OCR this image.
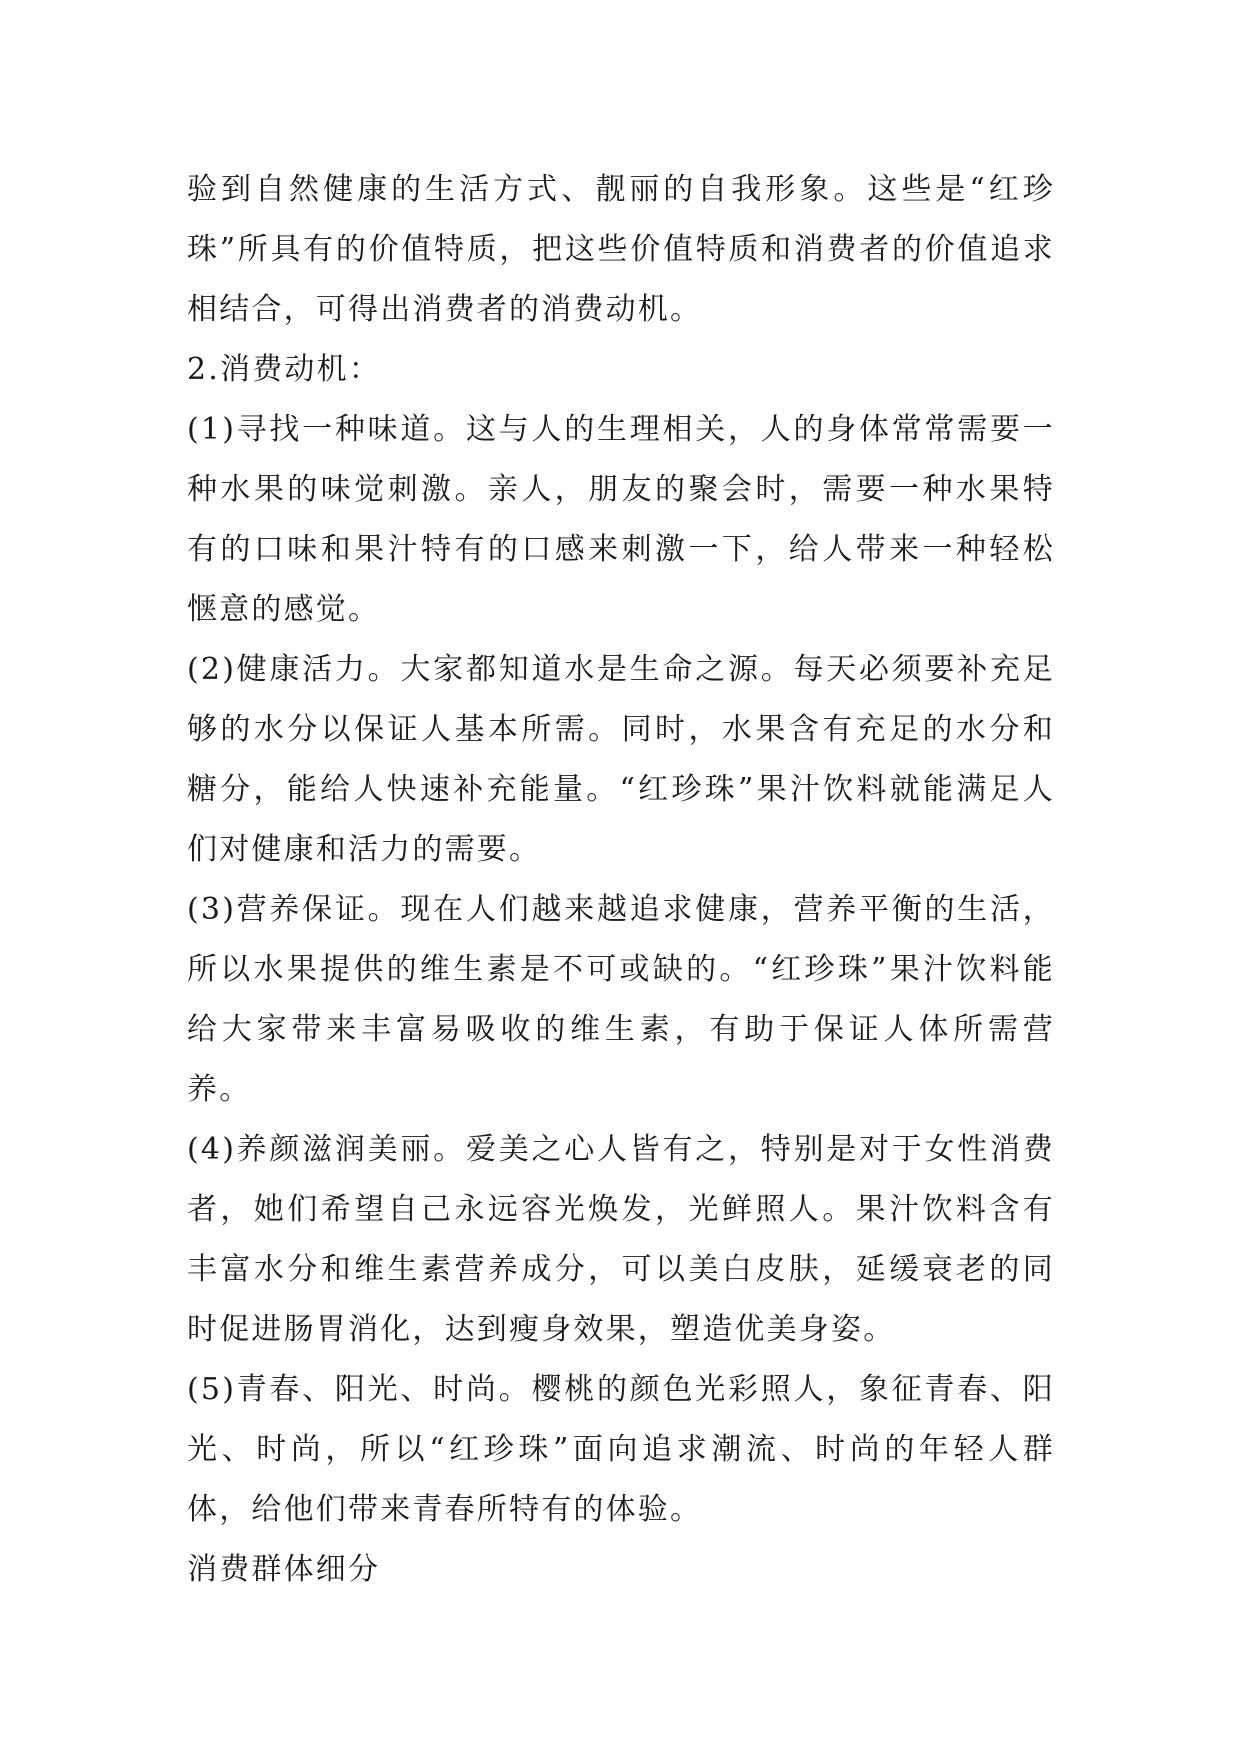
验到自然健康的生活方式、靓丽的自我形象。这些是“红珍珠”所具有的价值特质，把这些价值特质和消费者的价值追求相结合，可得出消费者的消费动机。

2.消费动机：

(1)寻找一种味道。这与人的生理相关，人的身体常常需要一种水果的味觉刺激。亲人，朋友的聚会时，需要一种水果特有的口味和果汁特有的口感来刺激一下，给人带来一种轻松惬意的感觉。

(2)健康活力。大家都知道水是生命之源。每天必须要补充足够的水分以保证人基本所需。同时，水果含有充足的水分和糖分，能给人快速补充能量。“红珍珠”果汁饮料就能满足人们对健康和活力的需要。

(3)营养保证。现在人们越来越追求健康，营养平衡的生活，所以水果提供的维生素是不可或缺的。“红珍珠”果汁饮料能给大家带来丰富易吸收的维生素，有助于保证人体所需营养。

(4)养颜滋润美丽。爱美之心人皆有之，特别是对于女性消费者，她们希望自己永远容光焕发，光鲜照人。果汁饮料含有丰富水分和维生素营养成分，可以美白皮肤，延缓衰老的同时促进肠胃消化，达到瘦身效果，塑造优美身姿。

(5)青春、阳光、时尚。樱桃的颜色光彩照人，象征青春、阳光、时尚，所以“红珍珠”面向追求潮流、时尚的年轻人群体，给他们带来青春所特有的体验。

消费群体细分
